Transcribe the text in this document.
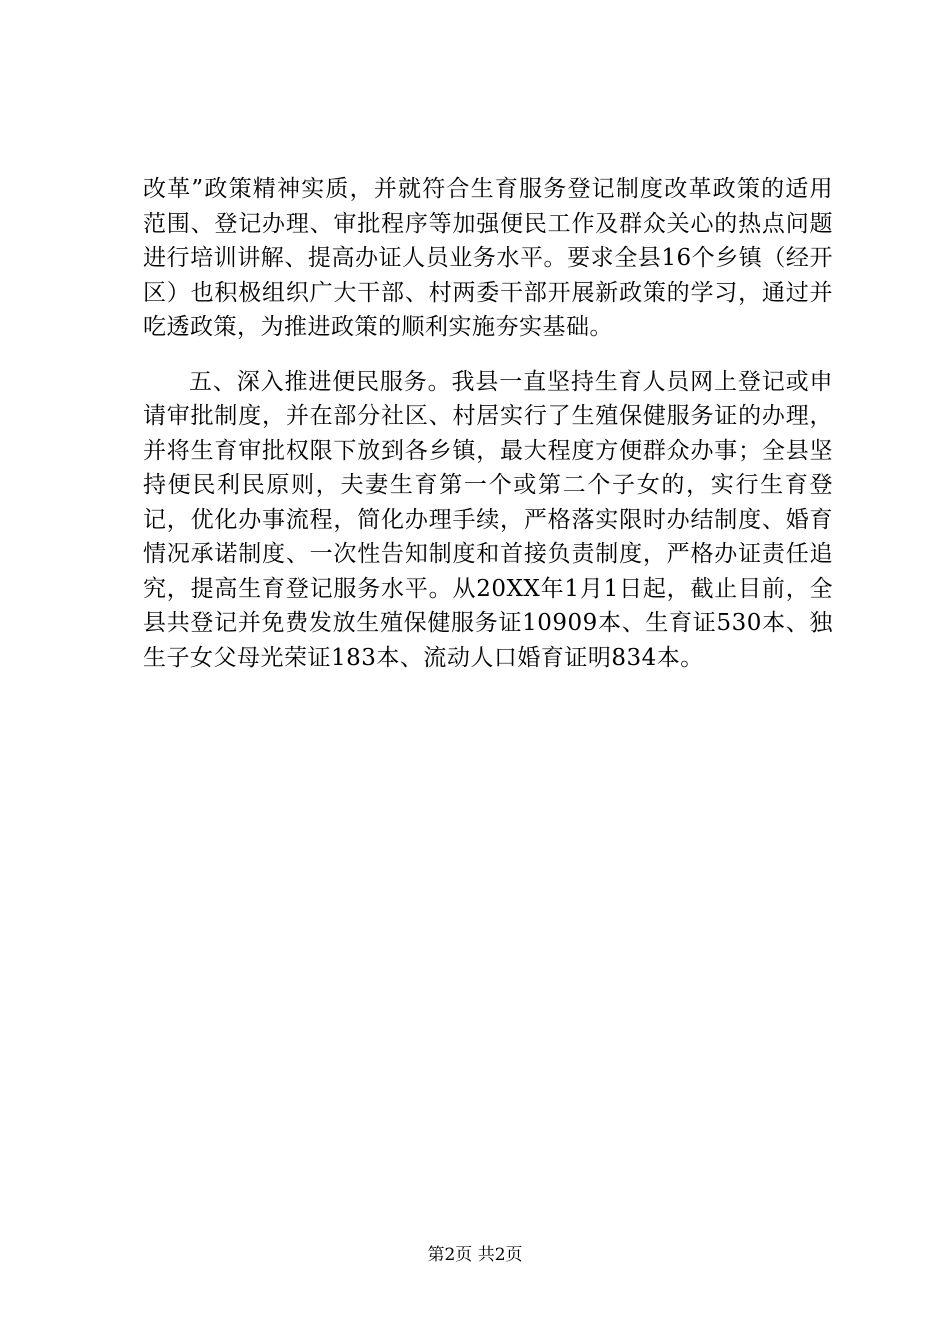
改革”政策精神实质，并就符合生育服务登记制度改革政策的适用范围、登记办理、审批程序等加强便民工作及群众关心的热点问题进行培训讲解、提高办证人员业务水平。要求全县16个乡镇（经开区）也积极组织广大干部、村两委干部开展新政策的学习，通过并吃透政策，为推进政策的顺利实施夯实基础。

五、深入推进便民服务。我县一直坚持生育人员网上登记或申请审批制度，并在部分社区、村居实行了生殖保健服务证的办理，并将生育审批权限下放到各乡镇，最大程度方便群众办事；全县坚持便民利民原则，夫妻生育第一个或第二个子女的，实行生育登记，优化办事流程，简化办理手续，严格落实限时办结制度、婚育情况承诺制度、一次性告知制度和首接负责制度，严格办证责任追究，提高生育登记服务水平。从20XX年1月1日起，截止目前，全县共登记并免费发放生殖保健服务证10909本、生育证530本、独生子女父母光荣证183本、流动人口婚育证明834本。

第2页 共2页
